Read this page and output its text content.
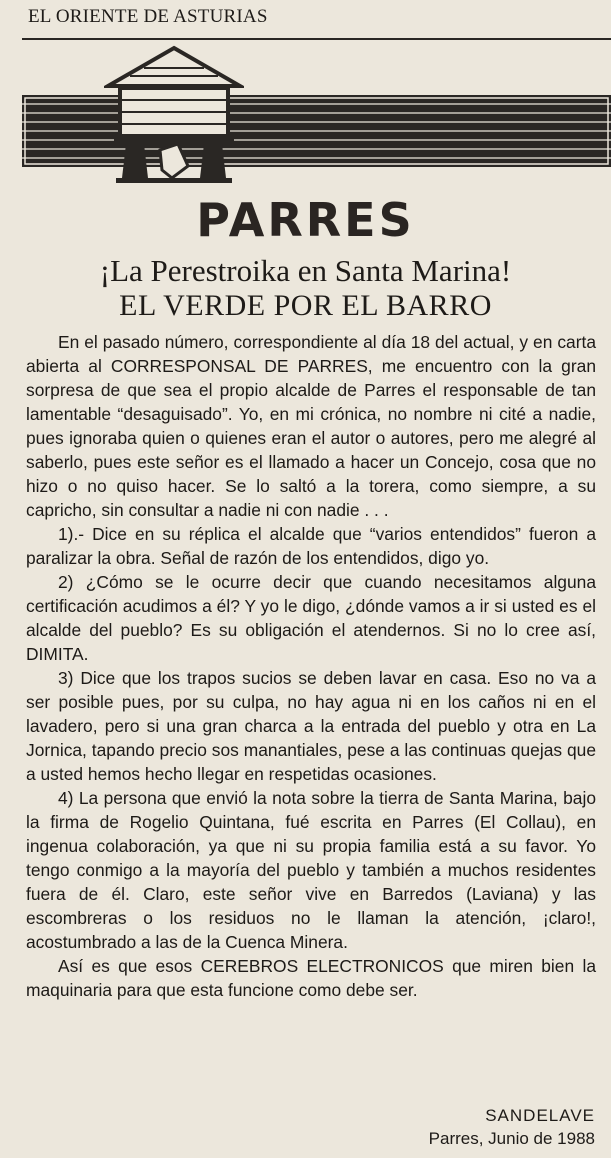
EL ORIENTE DE ASTURIAS
PARRES
¡La Perestroika en Santa Marina!
EL VERDE POR EL BARRO

En el pasado número, correspondiente al día 18 del actual, y en carta abierta al CORRESPONSAL DE PARRES, me encuentro con la gran sorpresa de que sea el propio alcalde de Parres el responsable de tan lamentable “desaguisado”. Yo, en mi crónica, no nombre ni cité a nadie, pues ignoraba quien o quienes eran el autor o autores, pero me alegré al saberlo, pues este señor es el llamado a hacer un Concejo, cosa que no hizo o no quiso hacer. Se lo saltó a la torera, como siempre, a su capricho, sin consultar a nadie ni con nadie . . .

1).- Dice en su réplica el alcalde que “varios entendidos” fueron a paralizar la obra. Señal de razón de los entendidos, digo yo.

2) ¿Cómo se le ocurre decir que cuando necesitamos alguna certificación acudimos a él? Y yo le digo, ¿dónde vamos a ir si usted es el alcalde del pueblo? Es su obligación el atendernos. Si no lo cree así, DIMITA.

3) Dice que los trapos sucios se deben lavar en casa. Eso no va a ser posible pues, por su culpa, no hay agua ni en los caños ni en el lavadero, pero si una gran charca a la entrada del pueblo y otra en La Jornica, tapando precio sos manantiales, pese a las continuas quejas que a usted hemos hecho llegar en respetidas ocasiones.

4) La persona que envió la nota sobre la tierra de Santa Marina, bajo la firma de Rogelio Quintana, fué escrita en Parres (El Collau), en ingenua colaboración, ya que ni su propia familia está a su favor. Yo tengo conmigo a la mayoría del pueblo y también a muchos residentes fuera de él. Claro, este señor vive en Barredos (Laviana) y las escombreras o los residuos no le llaman la atención, ¡claro!, acostumbrado a las de la Cuenca Minera.

Así es que esos CEREBROS ELECTRONICOS que miren bien la maquinaria para que esta funcione como debe ser.

SANDELAVE
Parres, Junio de 1988
